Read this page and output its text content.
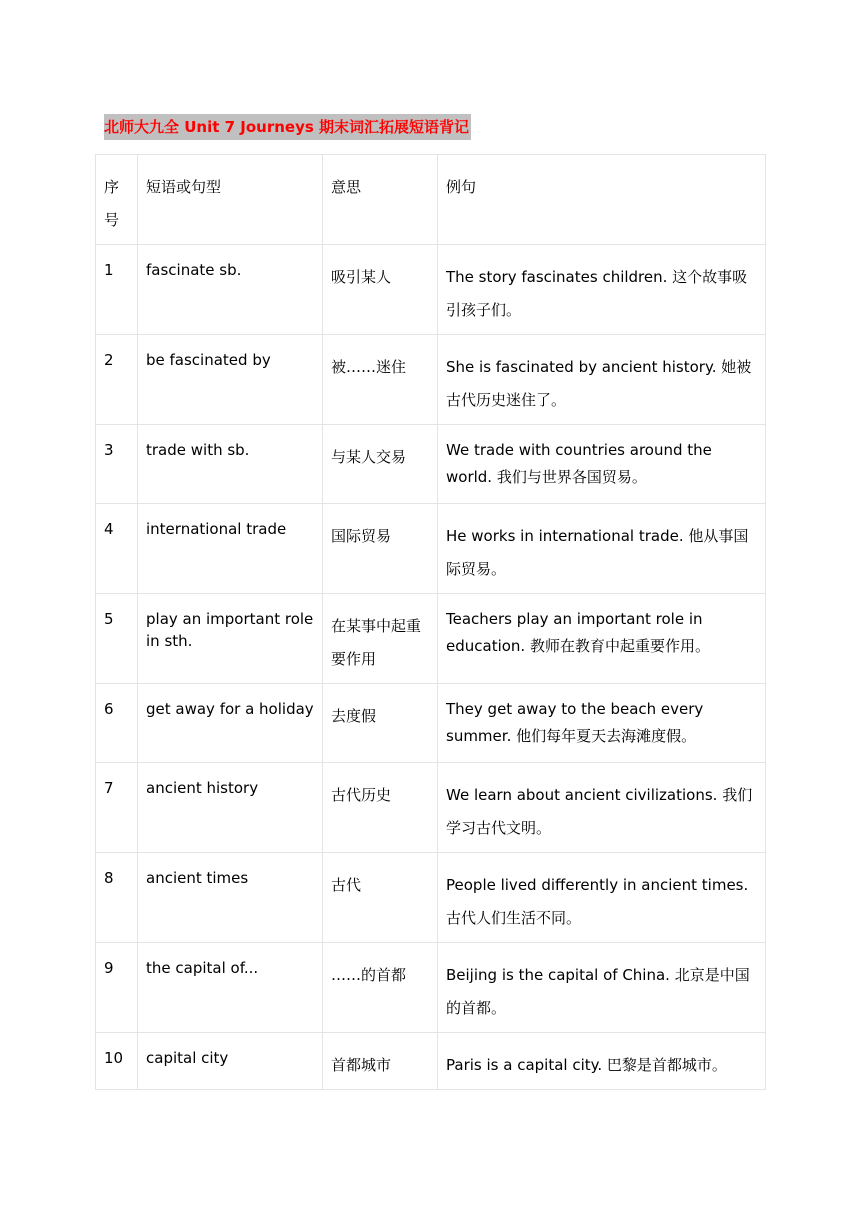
北师大九全 Unit 7 Journeys 期末词汇拓展短语背记
序号	短语或句型	意思	例句

1	fascinate sb.	吸引某人	The story fascinates children. 这个故事吸引孩子们。

2	be fascinated by	被……迷住	She is fascinated by ancient history. 她被古代历史迷住了。

3	trade with sb.	与某人交易	We trade with countries around the world. 我们与世界各国贸易。

4	international trade	国际贸易	He works in international trade. 他从事国际贸易。

5	play an important role in sth.	在某事中起重要作用	Teachers play an important role in education. 教师在教育中起重要作用。

6	get away for a holiday	去度假	They get away to the beach every summer. 他们每年夏天去海滩度假。

7	ancient history	古代历史	We learn about ancient civilizations. 我们学习古代文明。

8	ancient times	古代	People lived differently in ancient times. 古代人们生活不同。

9	the capital of...	……的首都	Beijing is the capital of China. 北京是中国的首都。

10	capital city	首都城市	Paris is a capital city. 巴黎是首都城市。
